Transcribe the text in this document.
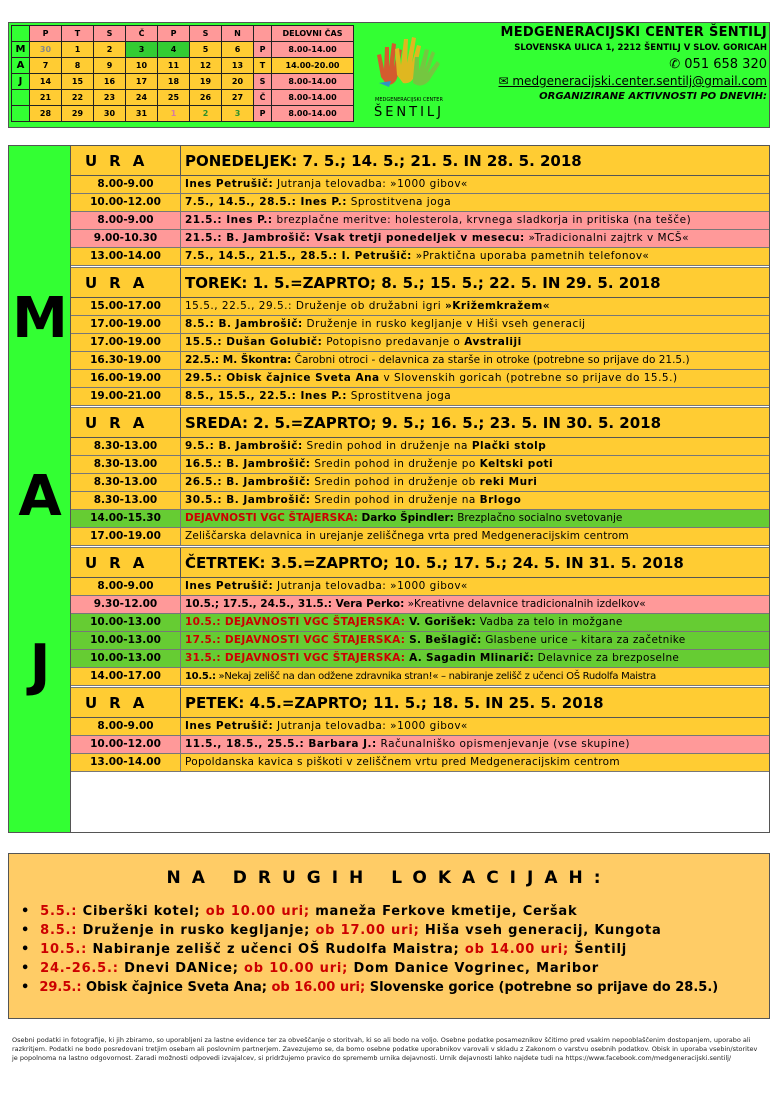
	P	T	S	Č	P	S	N		DELOVNI ČAS
M	30	1	2	3	4	5	6	P	8.00-14.00
A	7	8	9	10	11	12	13	T	14.00-20.00
J	14	15	16	17	18	19	20	S	8.00-14.00
	21	22	23	24	25	26	27	Č	8.00-14.00
	28	29	30	31	1	2	3	P	8.00-14.00
MEDGENERACIJSKI CENTER
ŠENTILJ
MEDGENERACIJSKI CENTER ŠENTILJ
SLOVENSKA ULICA 1, 2212 ŠENTILJ V SLOV. GORICAH
✆ 051 658 320
✉ medgeneracijski.center.sentilj@gmail.com
ORGANIZIRANE AKTIVNOSTI PO DNEVIH:
M
A
J
URA	PONEDELJEK: 7. 5.; 14. 5.; 21. 5. IN 28. 5. 2018
8.00-9.00	Ines Petrušič: Jutranja telovadba: »1000 gibov«
10.00-12.00	7.5., 14.5., 28.5.: Ines P.: Sprostitvena joga
8.00-9.00	21.5.: Ines P.: brezplačne meritve: holesterola, krvnega sladkorja in pritiska (na tešče)
9.00-10.30	21.5.: B. Jambrošič: Vsak tretji ponedeljek v mesecu: »Tradicionalni zajtrk v MCŠ«
13.00-14.00	7.5., 14.5., 21.5., 28.5.: I. Petrušič: »Praktična uporaba pametnih telefonov«
URA	TOREK: 1. 5.=ZAPRTO; 8. 5.; 15. 5.; 22. 5. IN 29. 5. 2018
15.00-17.00	15.5., 22.5., 29.5.: Druženje ob družabni igri »Križemkražem«
17.00-19.00	8.5.: B. Jambrošič: Druženje in rusko kegljanje v Hiši vseh generacij
17.00-19.00	15.5.: Dušan Golubič: Potopisno predavanje o Avstraliji
16.30-19.00	22.5.: M. Škontra: Čarobni otroci - delavnica za starše in otroke (potrebne so prijave do 21.5.)
16.00-19.00	29.5.: Obisk čajnice Sveta Ana v Slovenskih goricah (potrebne so prijave do 15.5.)
19.00-21.00	8.5., 15.5., 22.5.: Ines P.: Sprostitvena joga
URA	SREDA: 2. 5.=ZAPRTO; 9. 5.; 16. 5.; 23. 5. IN 30. 5. 2018
8.30-13.00	9.5.: B. Jambrošič: Sredin pohod in druženje na Plački stolp
8.30-13.00	16.5.: B. Jambrošič: Sredin pohod in druženje po Keltski poti
8.30-13.00	26.5.: B. Jambrošič: Sredin pohod in druženje ob reki Muri
8.30-13.00	30.5.: B. Jambrošič: Sredin pohod in druženje na Brlogo
14.00-15.30	DEJAVNOSTI VGC ŠTAJERSKA: Darko Špindler: Brezplačno socialno svetovanje
17.00-19.00	Zeliščarska delavnica in urejanje zeliščnega vrta pred Medgeneracijskim centrom
URA	ČETRTEK: 3.5.=ZAPRTO; 10. 5.; 17. 5.; 24. 5. IN 31. 5. 2018
8.00-9.00	Ines Petrušič: Jutranja telovadba: »1000 gibov«
9.30-12.00	10.5.; 17.5., 24.5., 31.5.: Vera Perko: »Kreativne delavnice tradicionalnih izdelkov«
10.00-13.00	10.5.: DEJAVNOSTI VGC ŠTAJERSKA: V. Gorišek: Vadba za telo in možgane
10.00-13.00	17.5.: DEJAVNOSTI VGC ŠTAJERSKA: S. Bešlagič: Glasbene urice – kitara za začetnike
10.00-13.00	31.5.: DEJAVNOSTI VGC ŠTAJERSKA: A. Sagadin Mlinarič: Delavnice za brezposelne
14.00-17.00	10.5.: »Nekaj zelišč na dan odžene zdravnika stran!« – nabiranje zelišč z učenci OŠ Rudolfa Maistra
URA	PETEK: 4.5.=ZAPRTO; 11. 5.; 18. 5. IN 25. 5. 2018
8.00-9.00	Ines Petrušič: Jutranja telovadba: »1000 gibov«
10.00-12.00	11.5., 18.5., 25.5.: Barbara J.: Računalniško opismenjevanje (vse skupine)
13.00-14.00	Popoldanska kavica s piškoti v zeliščnem vrtu pred Medgeneracijskim centrom
NA DRUGIH LOKACIJAH:
• 5.5.: Ciberški kotel; ob 10.00 uri; maneža Ferkove kmetije, Ceršak
• 8.5.: Druženje in rusko kegljanje; ob 17.00 uri; Hiša vseh generacij, Kungota
• 10.5.: Nabiranje zelišč z učenci OŠ Rudolfa Maistra; ob 14.00 uri; Šentilj
• 24.-26.5.: Dnevi DANice; ob 10.00 uri; Dom Danice Vogrinec, Maribor
• 29.5.: Obisk čajnice Sveta Ana; ob 16.00 uri; Slovenske gorice (potrebne so prijave do 28.5.)
Osebni podatki in fotografije, ki jih zbiramo, so uporabljeni za lastne evidence ter za obveščanje o storitvah, ki so ali bodo na voljo. Osebne podatke posameznikov ščitimo pred vsakim nepooblaščenim dostopanjem, uporabo ali razkritjem. Podatki ne bodo posredovani tretjim osebam ali poslovnim partnerjem. Zavezujemo se, da bomo osebne podatke uporabnikov varovali v skladu z Zakonom o varstvu osebnih podatkov. Obisk in uporaba vsebin/storitev je popolnoma na lastno odgovornost. Zaradi možnosti odpovedi izvajalcev, si pridržujemo pravico do sprememb urnika dejavnosti. Urnik dejavnosti lahko najdete tudi na https://www.facebook.com/medgeneracijski.sentilj/
